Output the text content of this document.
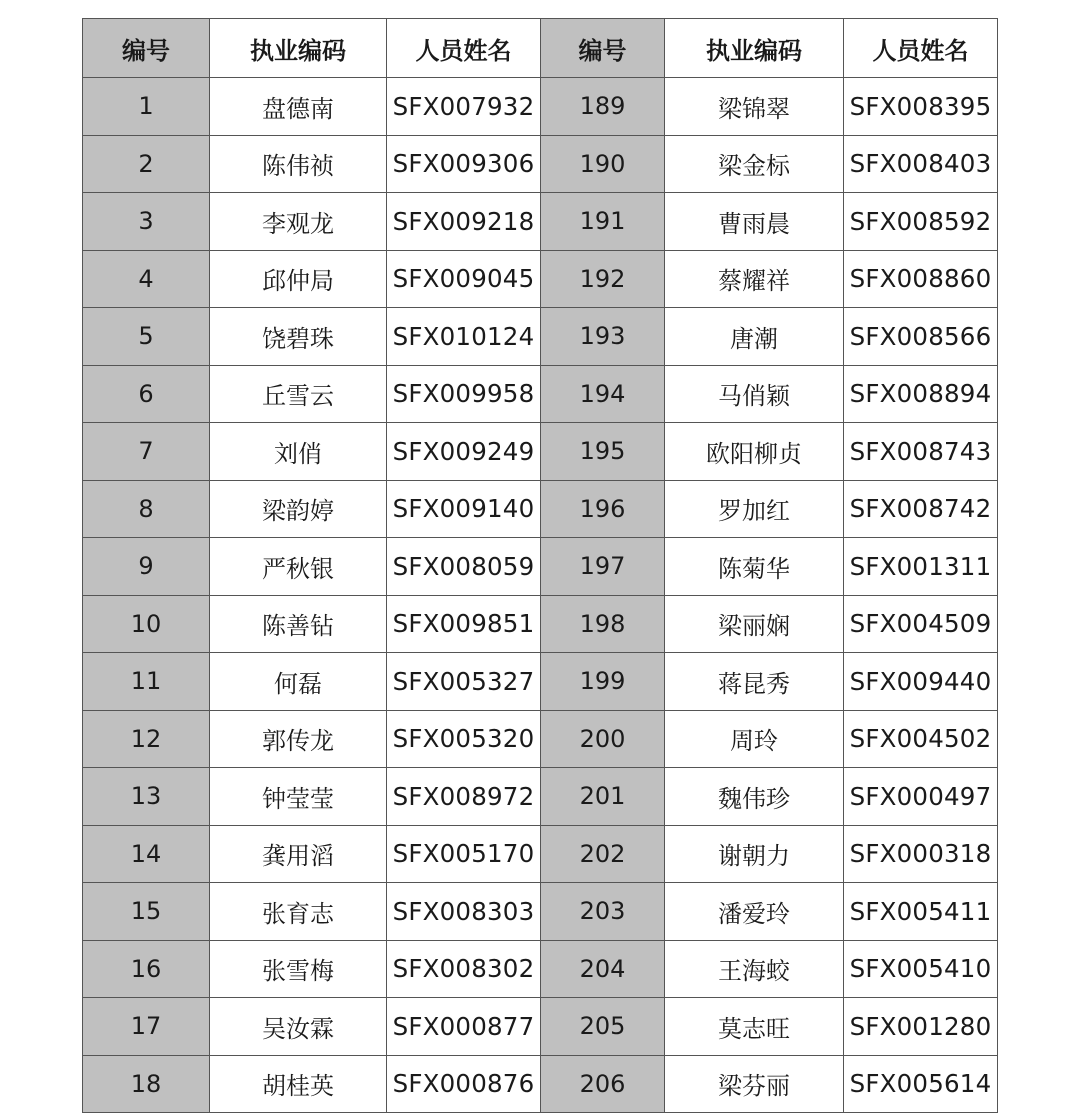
编号	执业编码	人员姓名	编号	执业编码	人员姓名
1	盘德南	SFX007932	189	梁锦翠	SFX008395
2	陈伟祯	SFX009306	190	梁金标	SFX008403
3	李观龙	SFX009218	191	曹雨晨	SFX008592
4	邱仲局	SFX009045	192	蔡耀祥	SFX008860
5	饶碧珠	SFX010124	193	唐潮	SFX008566
6	丘雪云	SFX009958	194	马俏颖	SFX008894
7	刘俏	SFX009249	195	欧阳柳贞	SFX008743
8	梁韵婷	SFX009140	196	罗加红	SFX008742
9	严秋银	SFX008059	197	陈菊华	SFX001311
10	陈善钻	SFX009851	198	梁丽娴	SFX004509
11	何磊	SFX005327	199	蒋昆秀	SFX009440
12	郭传龙	SFX005320	200	周玲	SFX004502
13	钟莹莹	SFX008972	201	魏伟珍	SFX000497
14	龚用滔	SFX005170	202	谢朝力	SFX000318
15	张育志	SFX008303	203	潘爱玲	SFX005411
16	张雪梅	SFX008302	204	王海蛟	SFX005410
17	吴汝霖	SFX000877	205	莫志旺	SFX001280
18	胡桂英	SFX000876	206	梁芬丽	SFX005614
